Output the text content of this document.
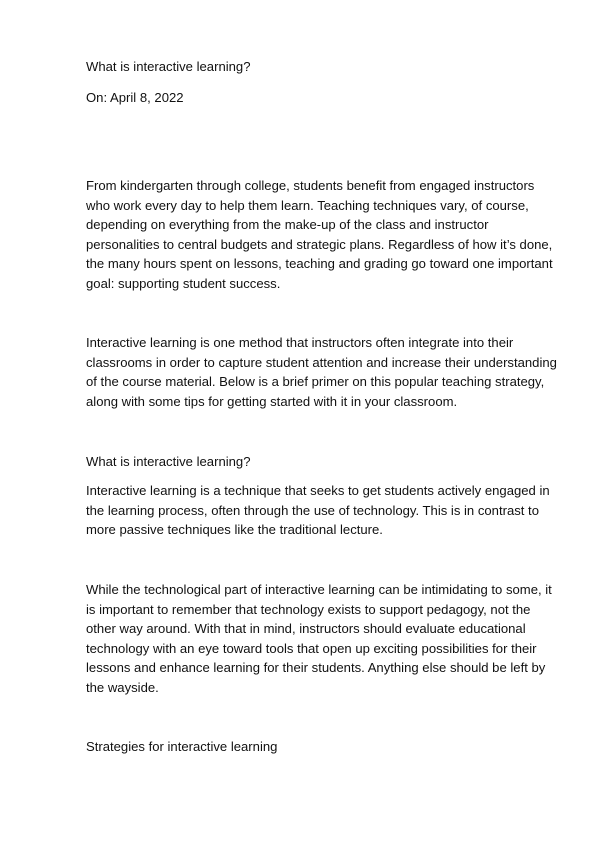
What is interactive learning?

On: April 8, 2022

From kindergarten through college, students benefit from engaged instructors who work every day to help them learn. Teaching techniques vary, of course, depending on everything from the make-up of the class and instructor personalities to central budgets and strategic plans. Regardless of how it’s done, the many hours spent on lessons, teaching and grading go toward one important goal: supporting student success.

Interactive learning is one method that instructors often integrate into their classrooms in order to capture student attention and increase their understanding of the course material. Below is a brief primer on this popular teaching strategy, along with some tips for getting started with it in your classroom.

What is interactive learning?

Interactive learning is a technique that seeks to get students actively engaged in the learning process, often through the use of technology. This is in contrast to more passive techniques like the traditional lecture.

While the technological part of interactive learning can be intimidating to some, it is important to remember that technology exists to support pedagogy, not the other way around. With that in mind, instructors should evaluate educational technology with an eye toward tools that open up exciting possibilities for their lessons and enhance learning for their students. Anything else should be left by the wayside.

Strategies for interactive learning
